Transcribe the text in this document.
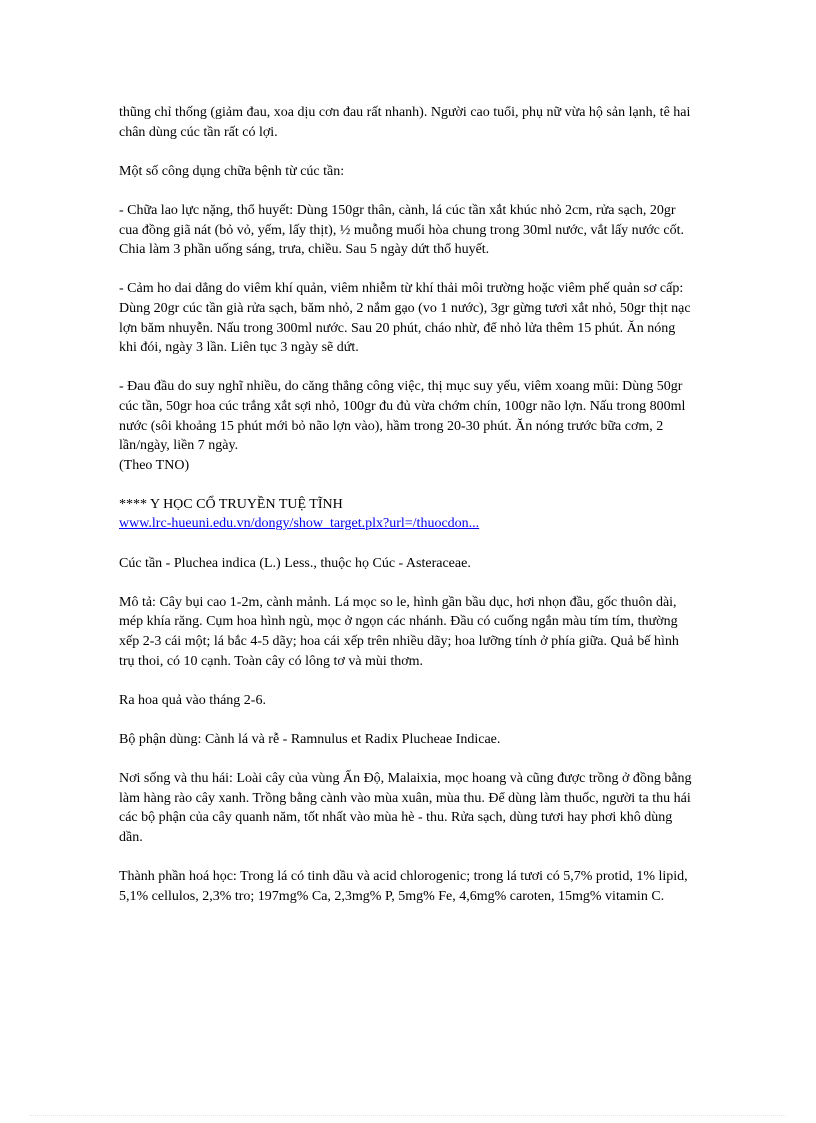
thũng chỉ thống (giảm đau, xoa dịu cơn đau rất nhanh). Người cao tuổi, phụ nữ vừa hộ sản lạnh, tê hai chân dùng cúc tần rất có lợi.

Một số công dụng chữa bệnh từ cúc tần:

- Chữa lao lực nặng, thổ huyết: Dùng 150gr thân, cành, lá cúc tần xắt khúc nhỏ 2cm, rửa sạch, 20gr cua đồng giã nát (bỏ vỏ, yếm, lấy thịt), ½ muỗng muối hòa chung trong 30ml nước, vắt lấy nước cốt. Chia làm 3 phần uống sáng, trưa, chiều. Sau 5 ngày dứt thổ huyết.

- Cảm ho dai dẳng do viêm khí quản, viêm nhiễm từ khí thải môi trường hoặc viêm phế quản sơ cấp: Dùng 20gr cúc tần già rửa sạch, băm nhỏ, 2 nắm gạo (vo 1 nước), 3gr gừng tươi xắt nhỏ, 50gr thịt nạc lợn băm nhuyễn. Nấu trong 300ml nước. Sau 20 phút, cháo nhừ, để nhỏ lửa thêm 15 phút. Ăn nóng khi đói, ngày 3 lần. Liên tục 3 ngày sẽ dứt.

- Đau đầu do suy nghĩ nhiều, do căng thẳng công việc, thị mục suy yếu, viêm xoang mũi: Dùng 50gr cúc tần, 50gr hoa cúc trắng xắt sợi nhỏ, 100gr đu đủ vừa chớm chín, 100gr não lợn. Nấu trong 800ml nước (sôi khoảng 15 phút mới bỏ não lợn vào), hầm trong 20-30 phút. Ăn nóng trước bữa cơm, 2 lần/ngày, liền 7 ngày.

(Theo TNO)

**** Y HỌC CỔ TRUYỀN TUỆ TĨNH

www.lrc-hueuni.edu.vn/dongy/show_target.plx?url=/thuocdon...

Cúc tần - Pluchea indica (L.) Less., thuộc họ Cúc - Asteraceae.

Mô tả: Cây bụi cao 1-2m, cành mảnh. Lá mọc so le, hình gần bầu dục, hơi nhọn đầu, gốc thuôn dài, mép khía răng. Cụm hoa hình ngù, mọc ở ngọn các nhánh. Đầu có cuống ngắn màu tím tím, thường xếp 2-3 cái một; lá bắc 4-5 dãy; hoa cái xếp trên nhiều dãy; hoa lưỡng tính ở phía giữa. Quả bế hình trụ thoi, có 10 cạnh. Toàn cây có lông tơ và mùi thơm.

Ra hoa quả vào tháng 2-6.

Bộ phận dùng: Cành lá và rễ - Ramnulus et Radix Plucheae Indicae.

Nơi sống và thu hái: Loài cây của vùng Ấn Độ, Malaixia, mọc hoang và cũng được trồng ở đồng bằng làm hàng rào cây xanh. Trồng bằng cành vào mùa xuân, mùa thu. Để dùng làm thuốc, người ta thu hái các bộ phận của cây quanh năm, tốt nhất vào mùa hè - thu. Rửa sạch, dùng tươi hay phơi khô dùng dần.

Thành phần hoá học: Trong lá có tinh dầu và acid chlorogenic; trong lá tươi có 5,7% protid, 1% lipid, 5,1% cellulos, 2,3% tro; 197mg% Ca, 2,3mg% P, 5mg% Fe, 4,6mg% caroten, 15mg% vitamin C.
